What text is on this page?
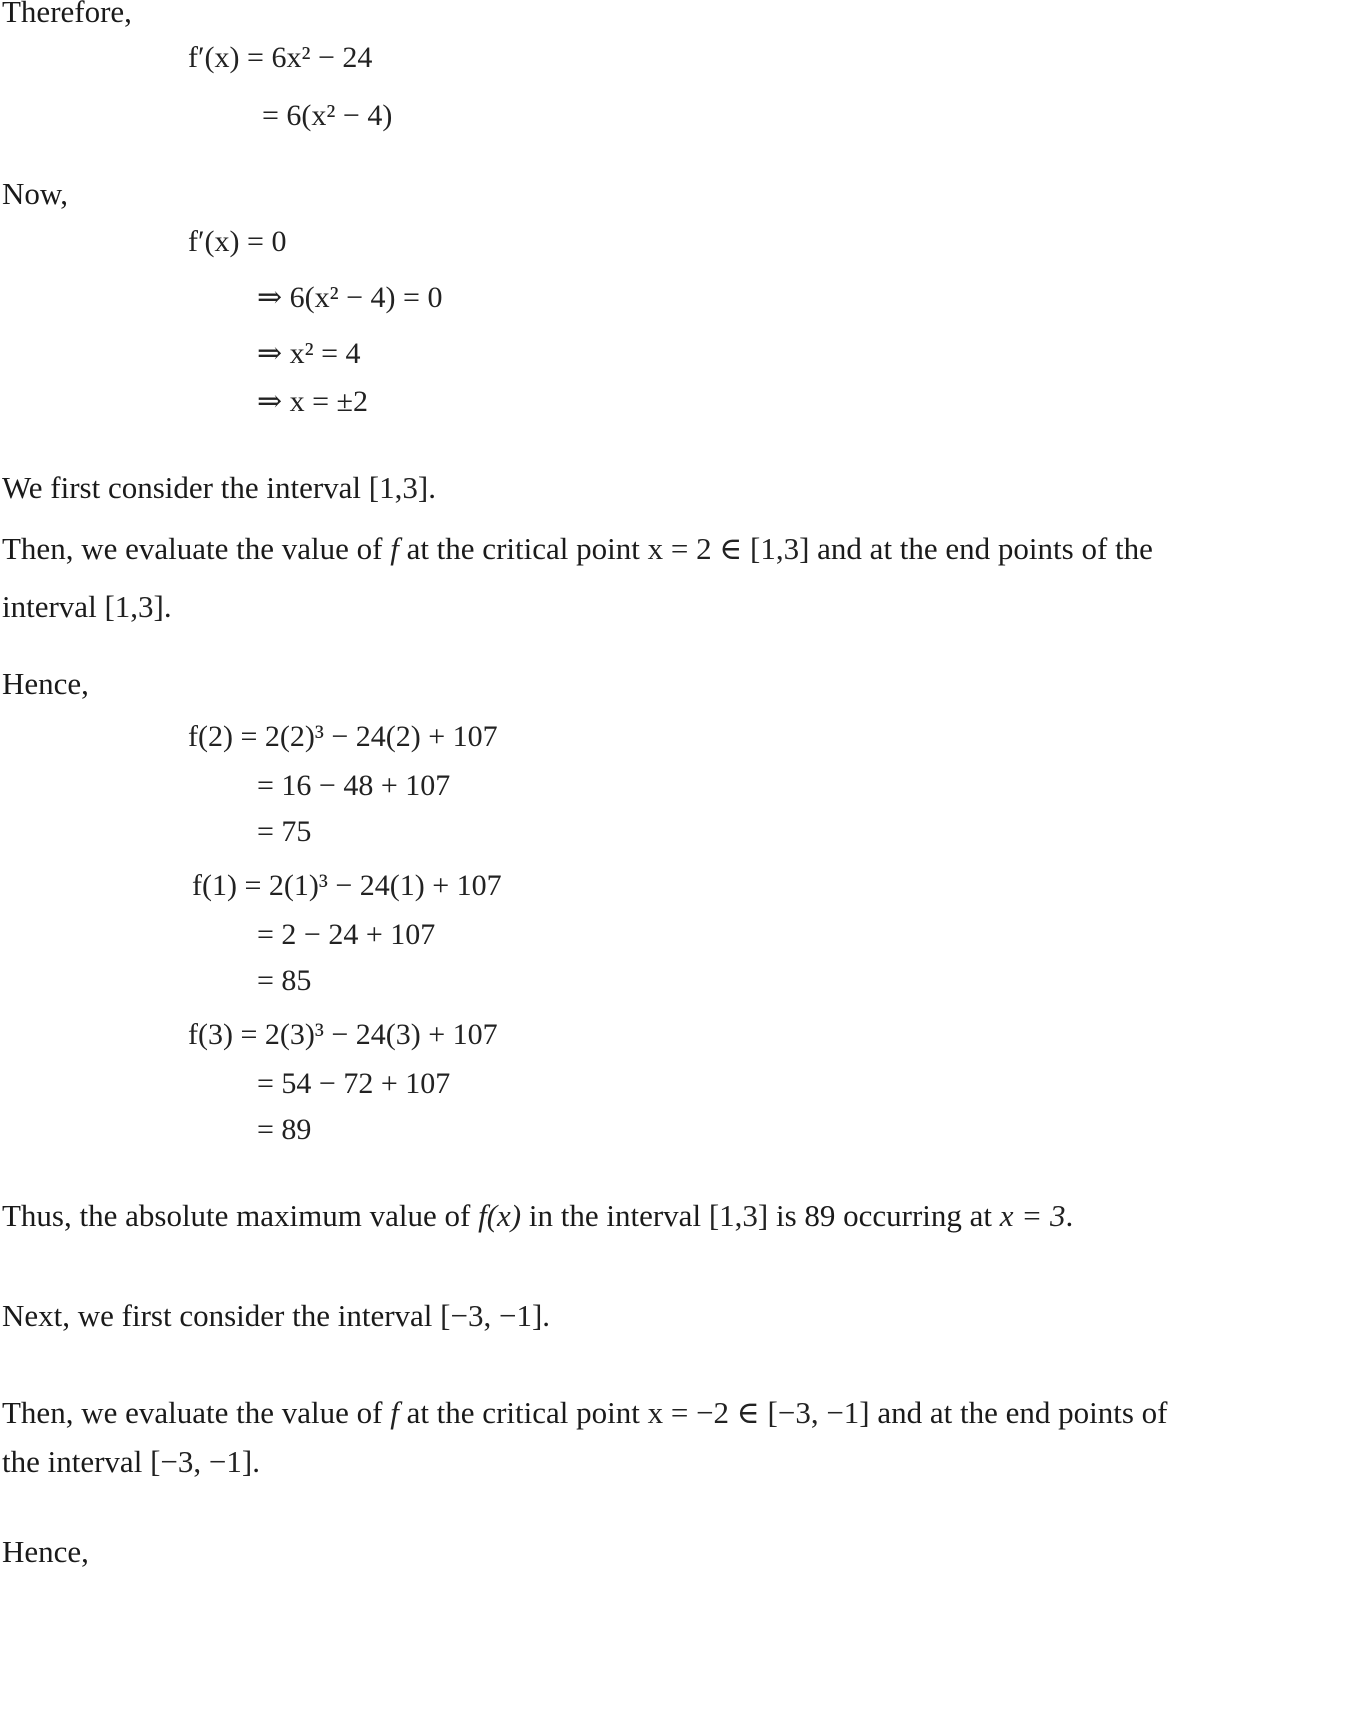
Therefore,
f′(x) = 6x² − 24
= 6(x² − 4)
Now,
f′(x) = 0
⇒ 6(x² − 4) = 0
⇒ x² = 4
⇒ x = ±2
We first consider the interval [1,3].
Then, we evaluate the value of f at the critical point x = 2 ∈ [1,3] and at the end points of the
interval [1,3].
Hence,
f(2) = 2(2)³ − 24(2) + 107
= 16 − 48 + 107
= 75
f(1) = 2(1)³ − 24(1) + 107
= 2 − 24 + 107
= 85
f(3) = 2(3)³ − 24(3) + 107
= 54 − 72 + 107
= 89
Thus, the absolute maximum value of f(x) in the interval [1,3] is 89 occurring at x = 3.
Next, we first consider the interval [−3, −1].
Then, we evaluate the value of f at the critical point x = −2 ∈ [−3, −1] and at the end points of
the interval [−3, −1].
Hence,
